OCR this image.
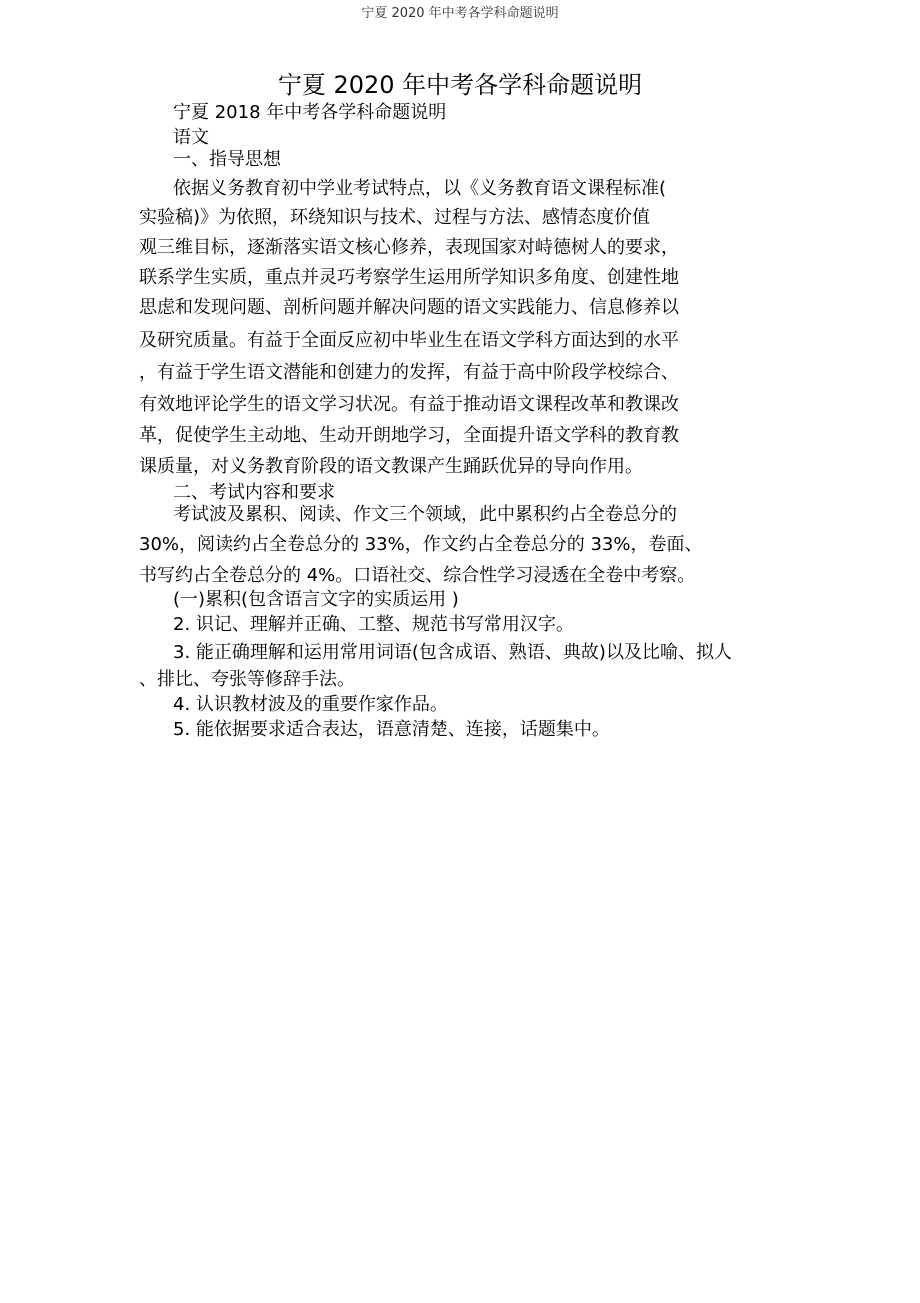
宁夏 2020 年中考各学科命题说明
宁夏 2020 年中考各学科命题说明
宁夏 2018 年中考各学科命题说明
语文
一、指导思想
依据义务教育初中学业考试特点，以《义务教育语文课程标准(
实验稿)》为依照，环绕知识与技术、过程与方法、感情态度价值
观三维目标，逐渐落实语文核心修养，表现国家对峙德树人的要求，
联系学生实质，重点并灵巧考察学生运用所学知识多角度、创建性地
思虑和发现问题、剖析问题并解决问题的语文实践能力、信息修养以
及研究质量。有益于全面反应初中毕业生在语文学科方面达到的水平
，有益于学生语文潜能和创建力的发挥，有益于高中阶段学校综合、
有效地评论学生的语文学习状况。有益于推动语文课程改革和教课改
革，促使学生主动地、生动开朗地学习，全面提升语文学科的教育教
课质量，对义务教育阶段的语文教课产生踊跃优异的导向作用。
二、考试内容和要求
考试波及累积、阅读、作文三个领域，此中累积约占全卷总分的
30%，阅读约占全卷总分的 33%，作文约占全卷总分的 33%，卷面、
书写约占全卷总分的 4%。口语社交、综合性学习浸透在全卷中考察。
(一)累积(包含语言文字的实质运用 )
2. 识记、理解并正确、工整、规范书写常用汉字。
3. 能正确理解和运用常用词语(包含成语、熟语、典故)以及比喻、拟人
、排比、夸张等修辞手法。
4. 认识教材波及的重要作家作品。
5. 能依据要求适合表达，语意清楚、连接，话题集中。
